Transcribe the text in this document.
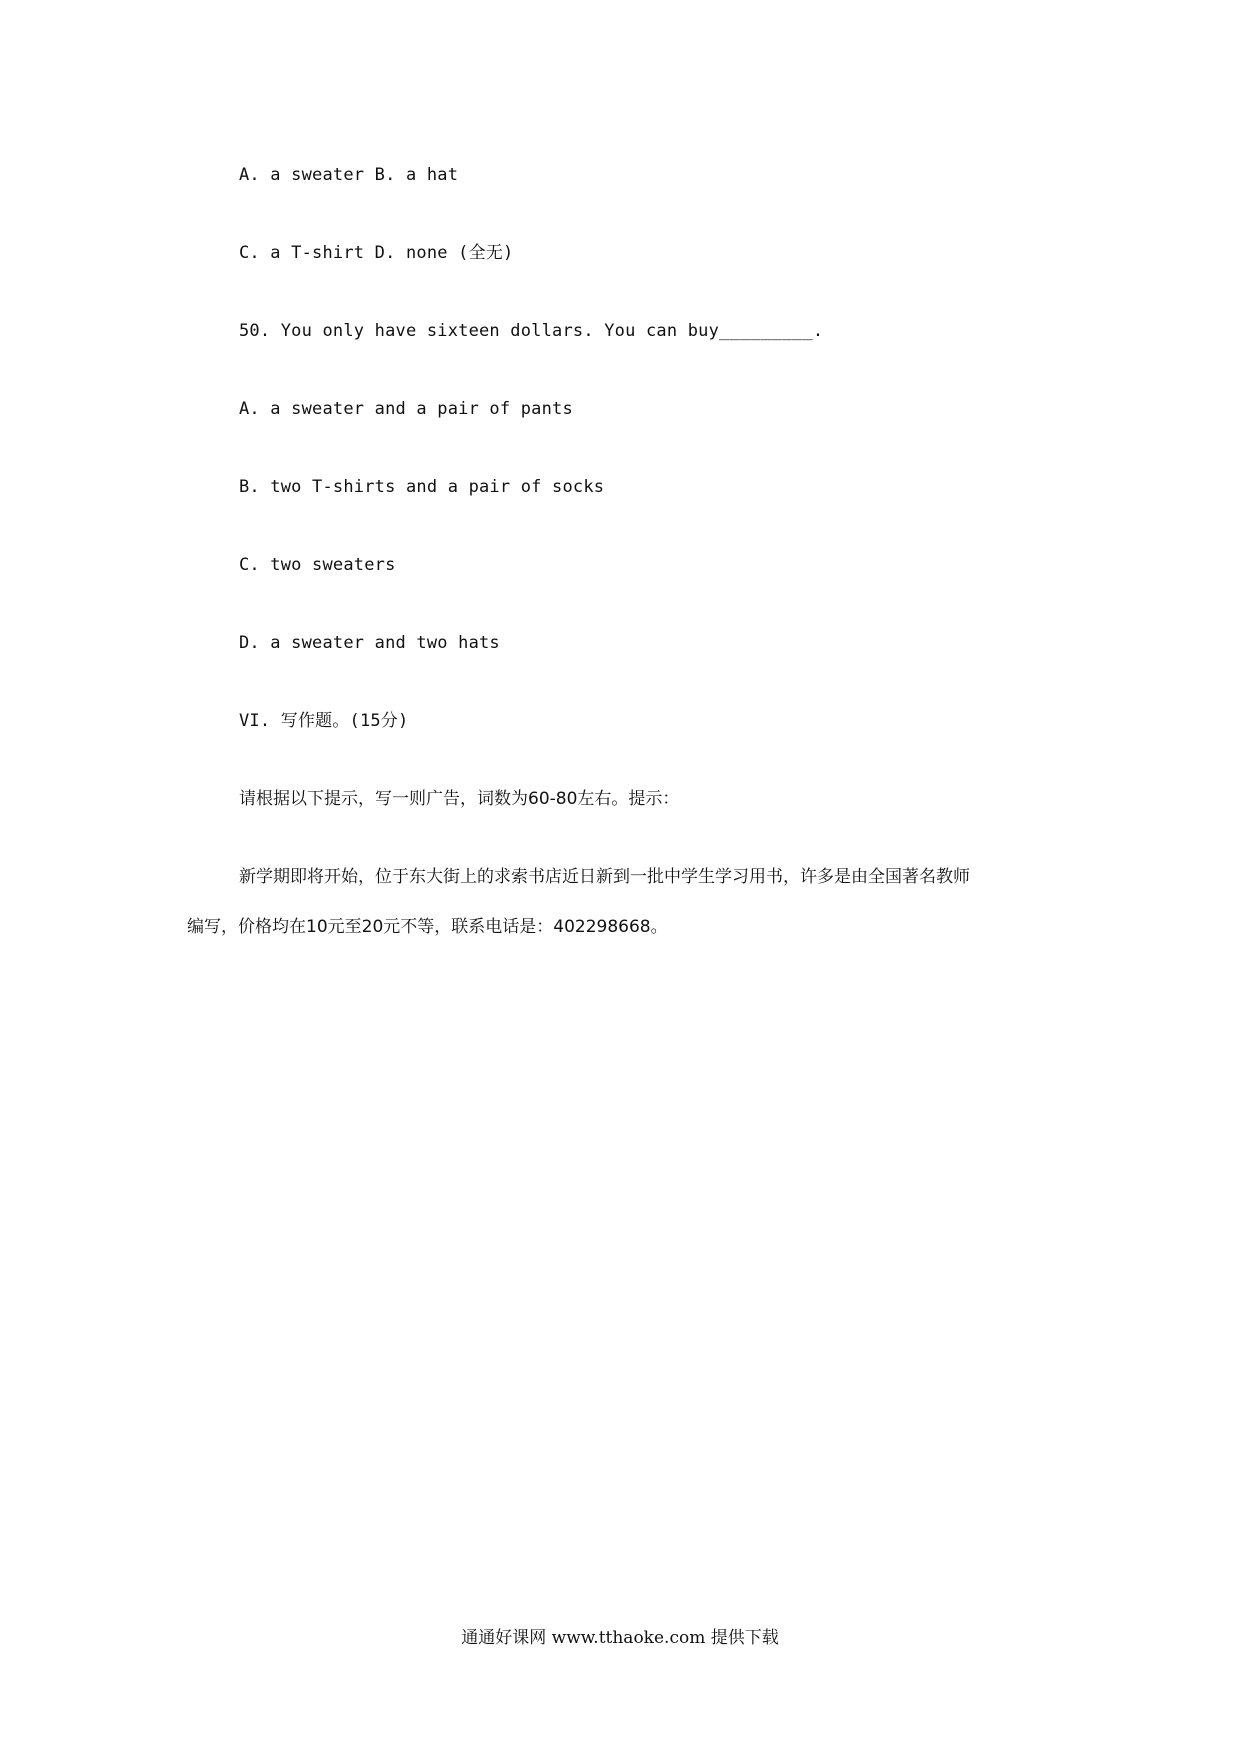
A. a sweater B. a hat
C. a T-shirt D. none (全无)
50. You only have sixteen dollars. You can buy_________.
A. a sweater and a pair of pants
B. two T-shirts and a pair of socks
C. two sweaters
D. a sweater and two hats
VI. 写作题。(15分)
请根据以下提示，写一则广告，词数为60-80左右。提示：
新学期即将开始，位于东大街上的求索书店近日新到一批中学生学习用书，许多是由全国著名教师
编写，价格均在10元至20元不等，联系电话是：402298668。
通通好课网 www.tthaoke.com 提供下载
